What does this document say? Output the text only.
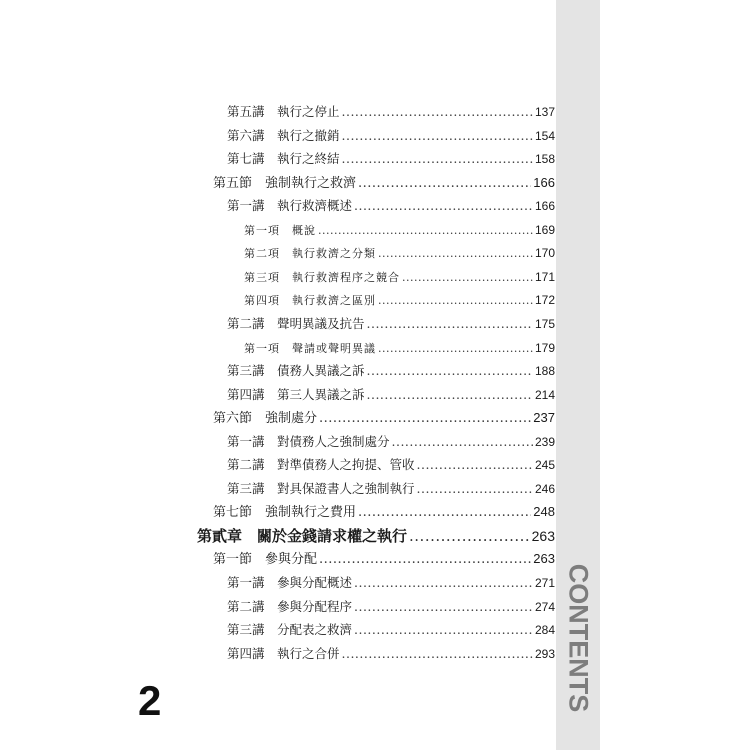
CONTENTS
第五講　執行之停止 .....	137
第六講　執行之撤銷 .....	154
第七講　執行之終結 .....	158
第五節　強制執行之救濟 .....	166
第一講　執行救濟概述 .....	166
第一項　概說 .....	169
第二項　執行救濟之分類 .....	170
第三項　執行救濟程序之競合 .....	171
第四項　執行救濟之區別 .....	172
第二講　聲明異議及抗告 .....	175
第一項　聲請或聲明異議 .....	179
第三講　債務人異議之訴 .....	188
第四講　第三人異議之訴 .....	214
第六節　強制處分 .....	237
第一講　對債務人之強制處分 .....	239
第二講　對準債務人之拘提、管收 .....	245
第三講　對具保證書人之強制執行 .....	246
第七節　強制執行之費用 .....	248
第貳章　關於金錢請求權之執行 .....	263
第一節　參與分配 .....	263
第一講　參與分配概述 .....	271
第二講　參與分配程序 .....	274
第三講　分配表之救濟 .....	284
第四講　執行之合併 .....	293
2
